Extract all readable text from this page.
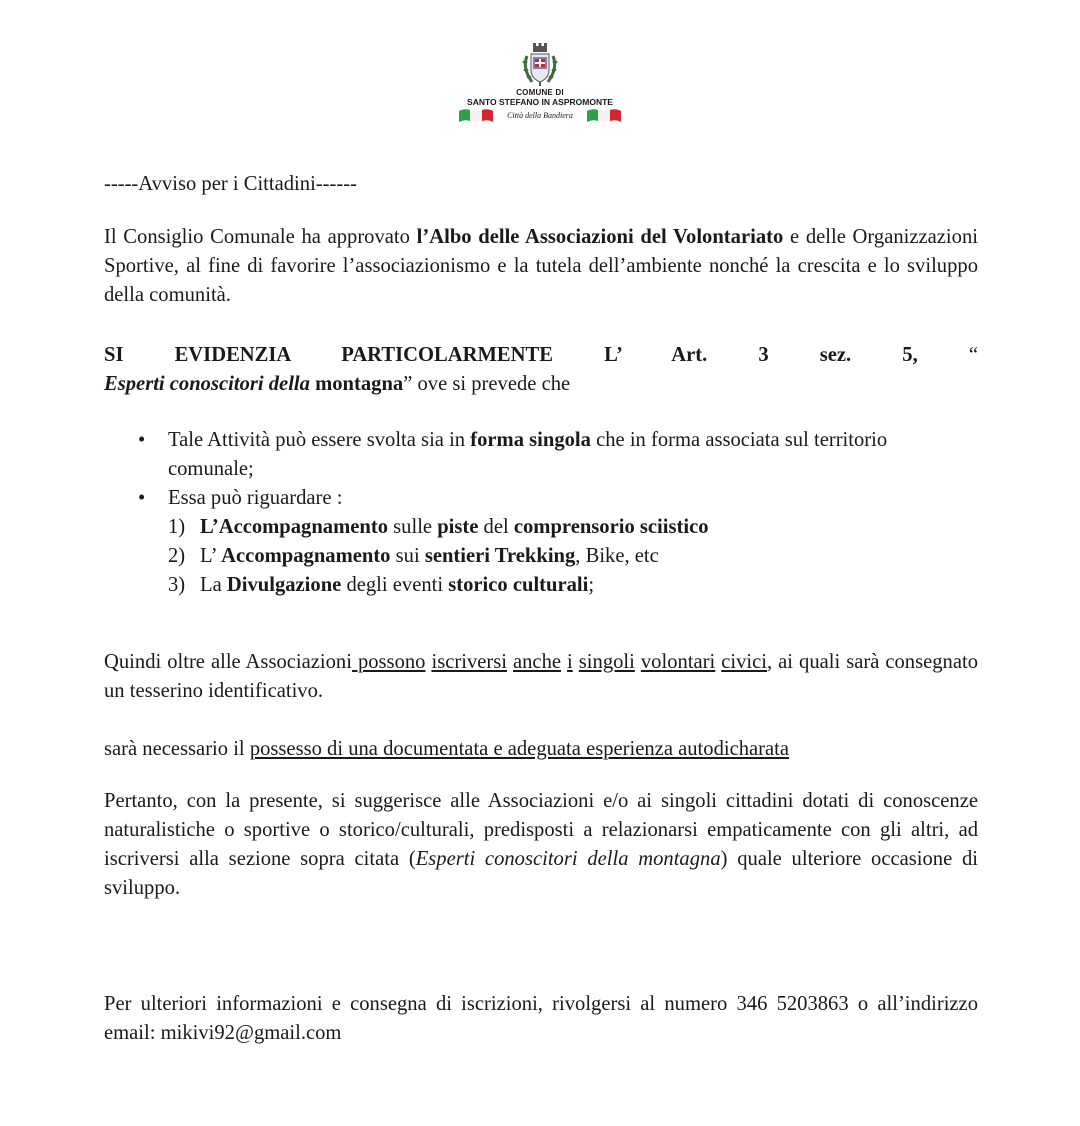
COMUNE DI
SANTO STEFANO IN ASPROMONTE
Città della Bandiera

-----Avviso per i Cittadini------

Il Consiglio Comunale ha approvato l’Albo delle Associazioni del Volontariato e delle Organizzazioni Sportive, al fine di favorire l’associazionismo e la tutela dell’ambiente nonché la crescita e lo sviluppo della comunità.

SI EVIDENZIA PARTICOLARMENTE L’ Art. 3 sez. 5, “

Esperti conoscitori della montagna” ove si prevede che

• Tale Attività può essere svolta sia in forma singola che in forma associata sul territorio comunale;
• Essa può riguardare :
1) L’Accompagnamento sulle piste del comprensorio sciistico
2) L’ Accompagnamento sui sentieri Trekking, Bike, etc
3) La Divulgazione degli eventi storico culturali;

Quindi oltre alle Associazioni possono iscriversi anche i singoli volontari civici, ai quali sarà consegnato un tesserino identificativo.

sarà necessario il possesso di una documentata e adeguata esperienza autodicharata

Pertanto, con la presente, si suggerisce alle Associazioni e/o ai singoli cittadini dotati di conoscenze naturalistiche o sportive o storico/culturali, predisposti a relazionarsi empaticamente con gli altri, ad iscriversi alla sezione sopra citata (Esperti conoscitori della montagna) quale ulteriore occasione di sviluppo.

Per ulteriori informazioni e consegna di iscrizioni, rivolgersi al numero 346 5203863 o all’indirizzo email: mikivi92@gmail.com
